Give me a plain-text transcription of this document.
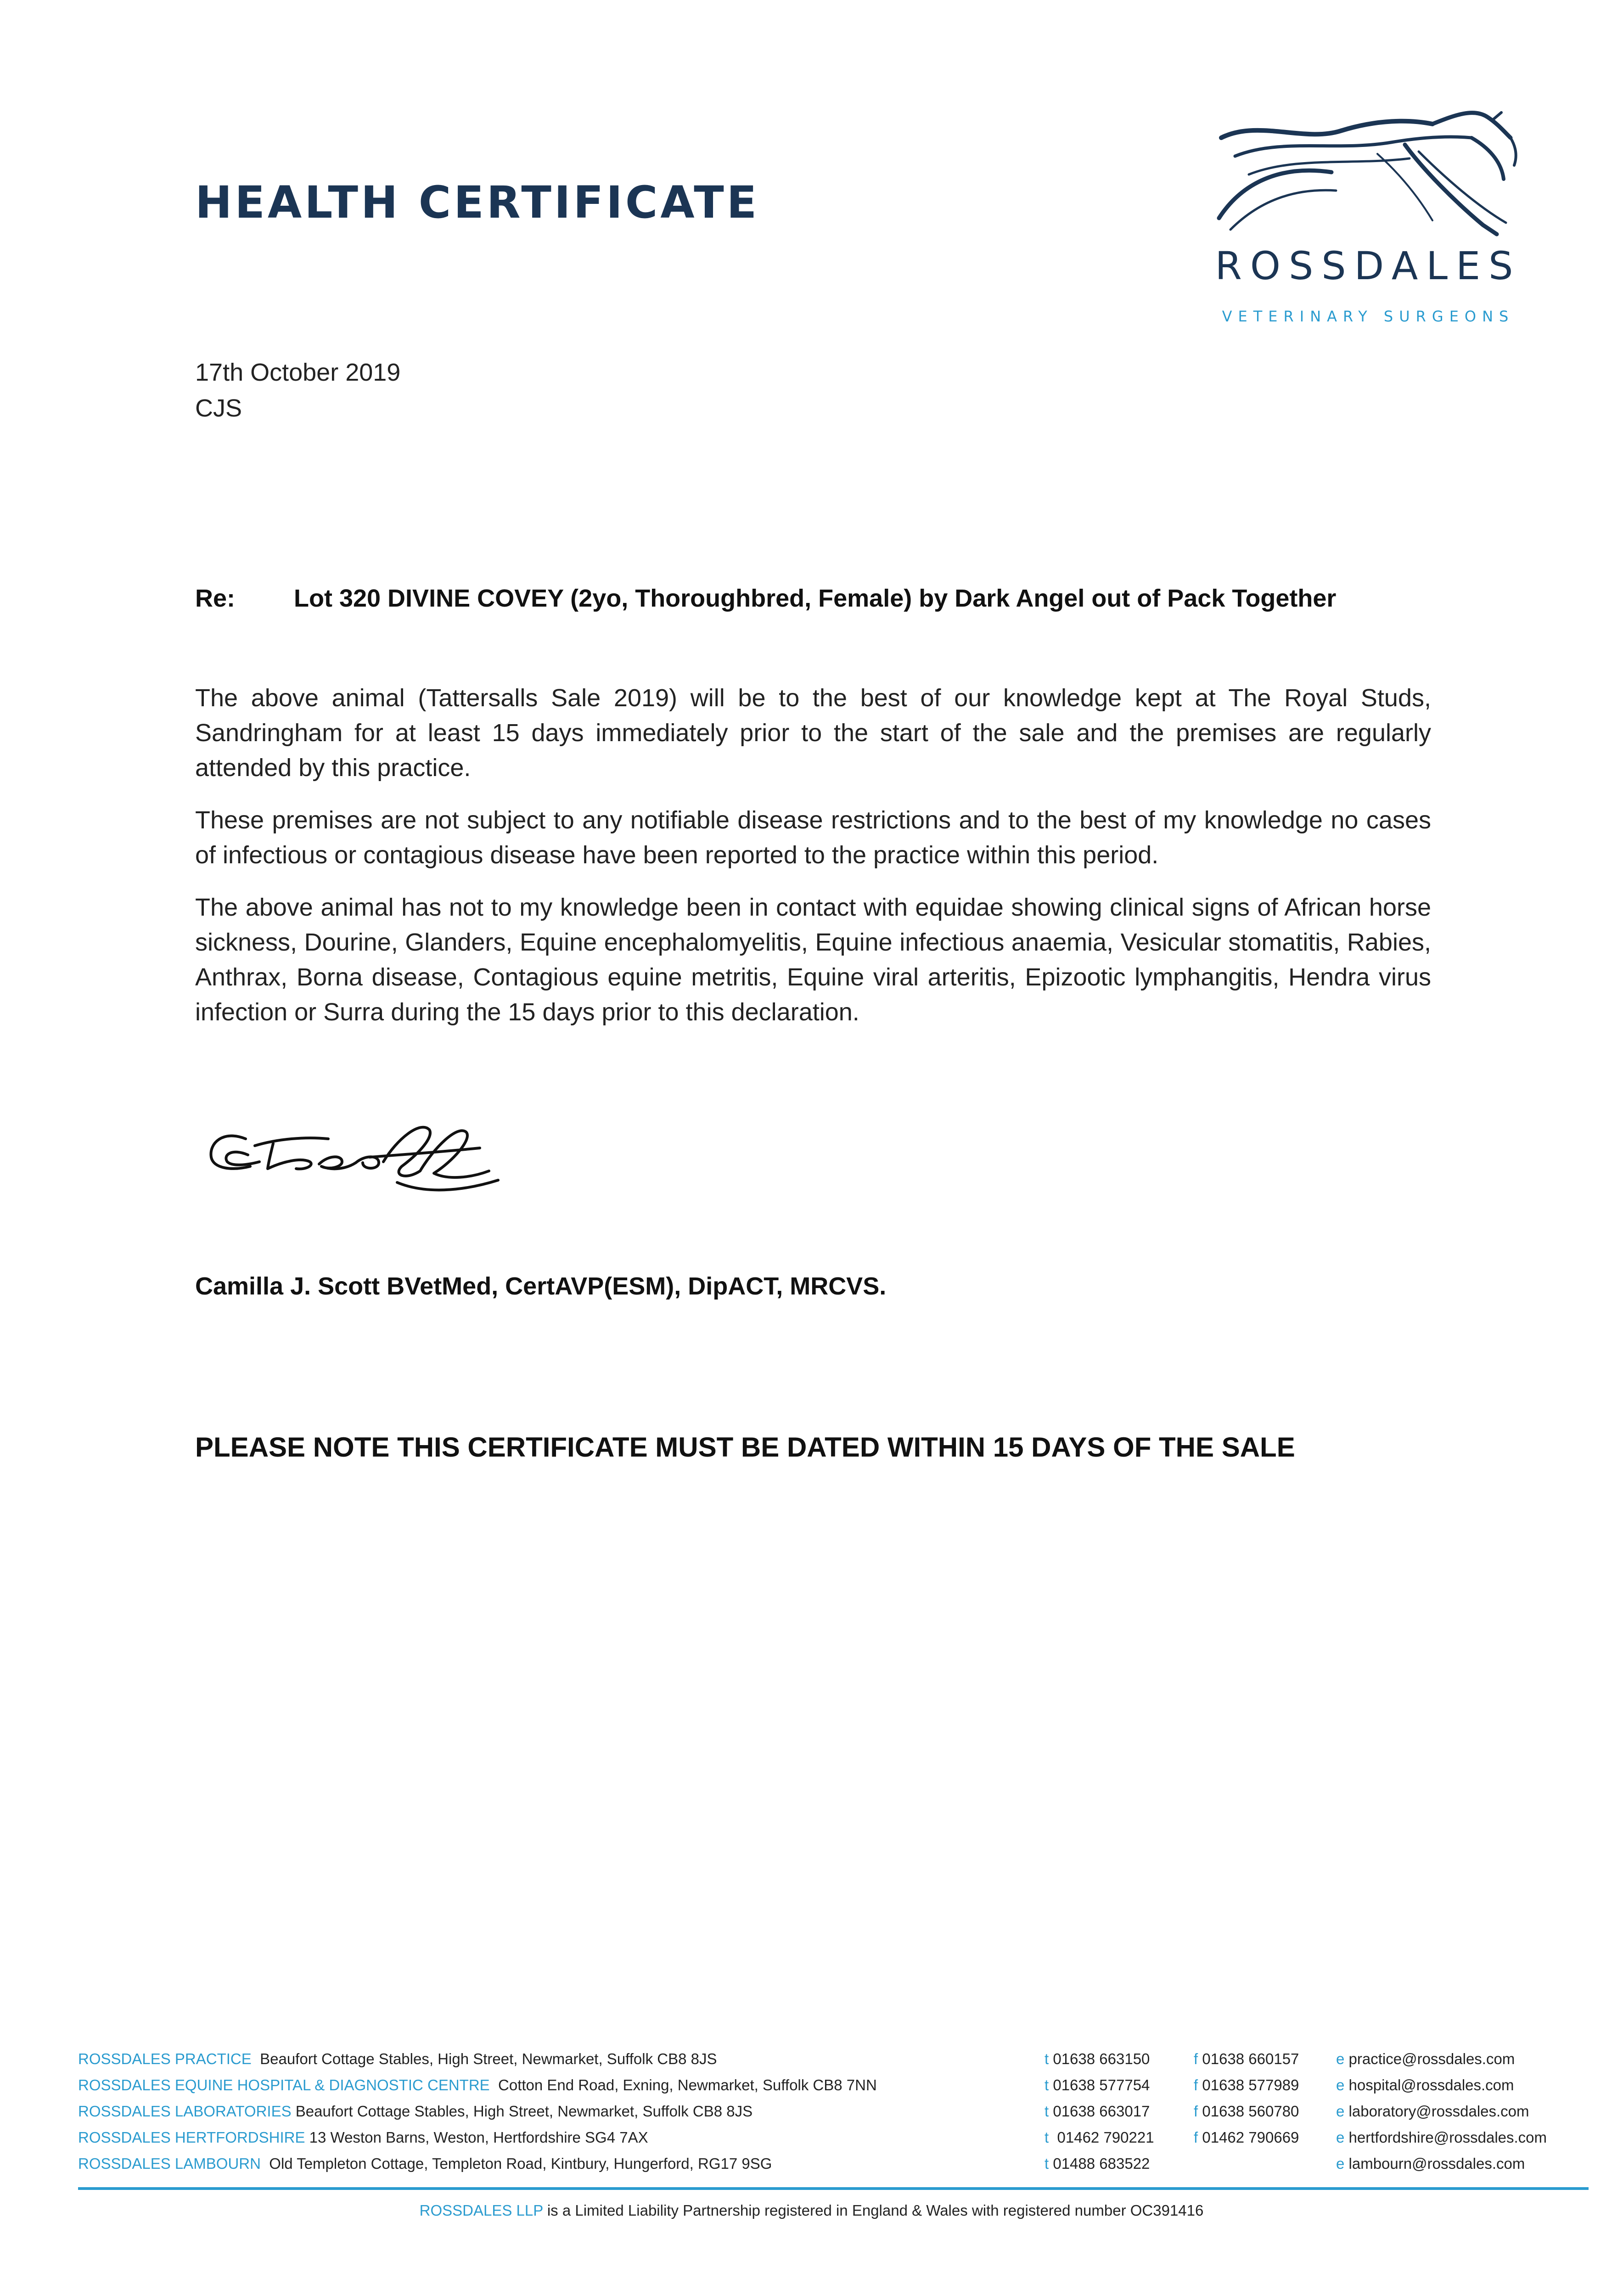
HEALTH CERTIFICATE
ROSSDALES
VETERINARY SURGEONS
17th October 2019
CJS
Re: Lot 320 DIVINE COVEY (2yo, Thoroughbred, Female) by Dark Angel out of Pack Together

The above animal (Tattersalls Sale 2019) will be to the best of our knowledge kept at The Royal Studs, Sandringham for at least 15 days immediately prior to the start of the sale and the premises are regularly attended by this practice.

These premises are not subject to any notifiable disease restrictions and to the best of my knowledge no cases of infectious or contagious disease have been reported to the practice within this period.

The above animal has not to my knowledge been in contact with equidae showing clinical signs of African horse sickness, Dourine, Glanders, Equine encephalomyelitis, Equine infectious anaemia, Vesicular stomatitis, Rabies, Anthrax, Borna disease, Contagious equine metritis, Equine viral arteritis, Epizootic lymphangitis, Hendra virus infection or Surra during the 15 days prior to this declaration.

Camilla J. Scott BVetMed, CertAVP(ESM), DipACT, MRCVS.
PLEASE NOTE THIS CERTIFICATE MUST BE DATED WITHIN 15 DAYS OF THE SALE
ROSSDALES PRACTICE Beaufort Cottage Stables, High Street, Newmarket, Suffolk CB8 8JS	t 01638 663150	f 01638 660157 e practice@rossdales.com
ROSSDALES EQUINE HOSPITAL & DIAGNOSTIC CENTRE Cotton End Road, Exning, Newmarket, Suffolk CB8 7NN	t 01638 577754	f 01638 577989 e hospital@rossdales.com
ROSSDALES LABORATORIES Beaufort Cottage Stables, High Street, Newmarket, Suffolk CB8 8JS	t 01638 663017	f 01638 560780 e laboratory@rossdales.com
ROSSDALES HERTFORDSHIRE 13 Weston Barns, Weston, Hertfordshire SG4 7AX	t 01462 790221	f 01462 790669 e hertfordshire@rossdales.com
ROSSDALES LAMBOURN Old Templeton Cottage, Templeton Road, Kintbury, Hungerford, RG17 9SG	t 01488 683522	e lambourn@rossdales.com
ROSSDALES LLP is a Limited Liability Partnership registered in England & Wales with registered number OC391416
